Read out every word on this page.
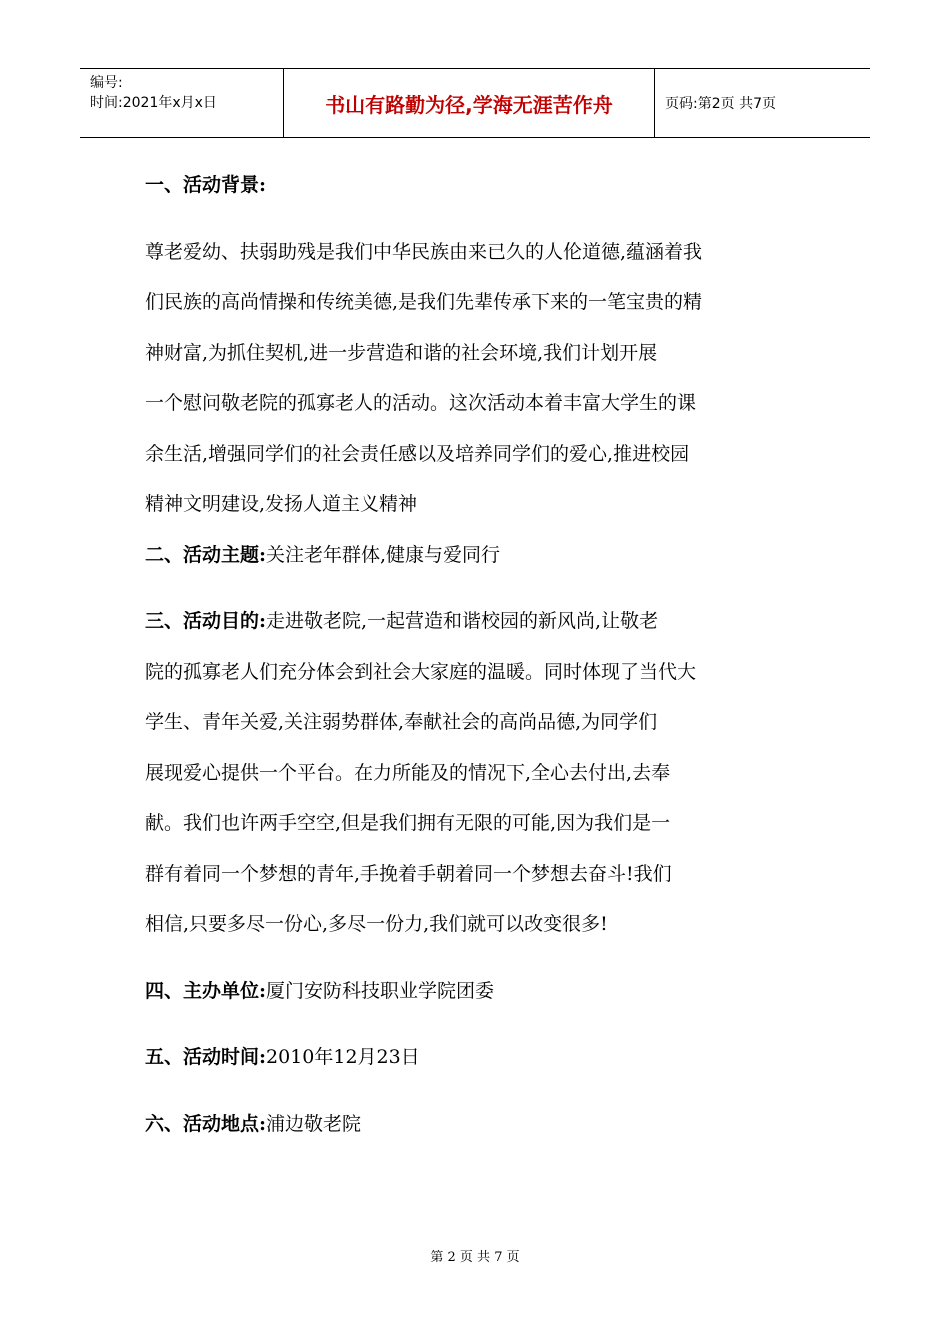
编号:
时间:2021年x月x日	书山有路勤为径,学海无涯苦作舟	页码:第2页 共7页

一、活动背景:

尊老爱幼、扶弱助残是我们中华民族由来已久的人伦道德,蕴涵着我

们民族的高尚情操和传统美德,是我们先辈传承下来的一笔宝贵的精

神财富,为抓住契机,进一步营造和谐的社会环境,我们计划开展

一个慰问敬老院的孤寡老人的活动。这次活动本着丰富大学生的课

余生活,增强同学们的社会责任感以及培养同学们的爱心,推进校园

精神文明建设,发扬人道主义精神

二、活动主题:关注老年群体,健康与爱同行

三、活动目的:走进敬老院,一起营造和谐校园的新风尚,让敬老

院的孤寡老人们充分体会到社会大家庭的温暖。同时体现了当代大

学生、青年关爱,关注弱势群体,奉献社会的高尚品德,为同学们

展现爱心提供一个平台。在力所能及的情况下,全心去付出,去奉

献。我们也许两手空空,但是我们拥有无限的可能,因为我们是一

群有着同一个梦想的青年,手挽着手朝着同一个梦想去奋斗!我们

相信,只要多尽一份心,多尽一份力,我们就可以改变很多!

四、主办单位:厦门安防科技职业学院团委

五、活动时间:2010年12月23日

六、活动地点:浦边敬老院

第 2 页 共 7 页
